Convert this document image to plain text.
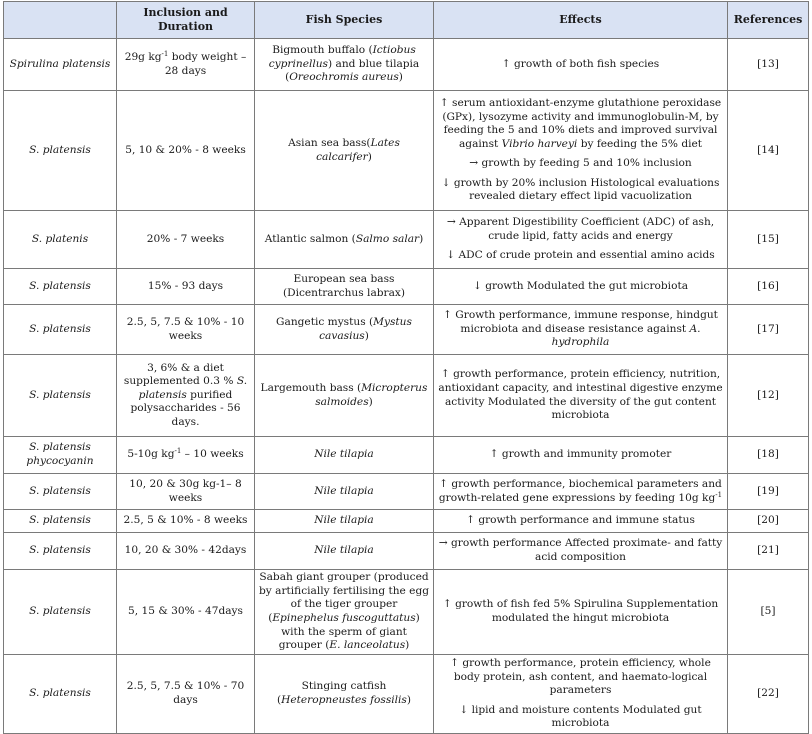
	Inclusion and Duration	Fish Species	Effects	References
Spirulina platensis	29g $kg^{-1}$ body weight – 28 days	Bigmouth buffalo (Ictiobus cyprinellus) and blue tilapia (Oreochromis aureus)	↑ growth of both fish species	[13]
S. platensis	5, 10 & 20% - 8 weeks	Asian sea bass(Lates calcarifer)	↑ serum antioxidant-enzyme glutathione peroxidase (GPx), lysozyme activity and immunoglobulin-M, by feeding the 5 and 10% diets and improved survival against Vibrio harveyi by feeding the 5% diet

→ growth by feeding 5 and 10% inclusion

↓ growth by 20% inclusion Histological evaluations revealed dietary effect lipid vacuolization	[14]
S. platenis	20% - 7 weeks	Atlantic salmon (Salmo salar)	→ Apparent Digestibility Coefficient (ADC) of ash, crude lipid, fatty acids and energy

↓ ADC of crude protein and essential amino acids	[15]
S. platensis	15% - 93 days	European sea bass (Dicentrarchus labrax)	↓ growth Modulated the gut microbiota	[16]
S. platensis	2.5, 5, 7.5 & 10% - 10 weeks	Gangetic mystus (Mystus cavasius)	↑ Growth performance, immune response, hindgut microbiota and disease resistance against A. hydrophila	[17]
S. platensis	3, 6% & a diet supplemented 0.3 % S. platensis purified polysaccharides - 56 days.	Largemouth bass (Micropterus salmoides)	↑ growth performance, protein efficiency, nutrition, antioxidant capacity, and intestinal digestive enzyme activity Modulated the diversity of the gut content microbiota	[12]
S. platensis phycocyanin	5-10g $kg^{-1} - 10$ weeks	Nile tilapia	↑ growth and immunity promoter	[18]
S. platensis	10, 20 & 30g kg-1– 8 weeks	Nile tilapia	↑ growth performance, biochemical parameters and growth-related gene expressions by feeding 10g $kg^{-1}$	[19]
S. platensis	2.5, 5 & 10% - 8 weeks	Nile tilapia	↑ growth performance and immune status	[20]
S. platensis	10, 20 & 30% - 42days	Nile tilapia	→ growth performance Affected proximate- and fatty acid composition	[21]
S. platensis	5, 15 & 30% - 47days	Sabah giant grouper (produced by artificially fertilising the egg of the tiger grouper (Epinephelus fuscoguttatus) with the sperm of giant grouper (E. lanceolatus)	↑ growth of fish fed 5% Spirulina Supplementation modulated the hingut microbiota	[5]
S. platensis	2.5, 5, 7.5 & 10% - 70 days	Stinging catfish (Heteropneustes fossilis)	↑ growth performance, protein efficiency, whole body protein, ash content, and haemato-logical parameters

↓ lipid and moisture contents Modulated gut microbiota	[22]
